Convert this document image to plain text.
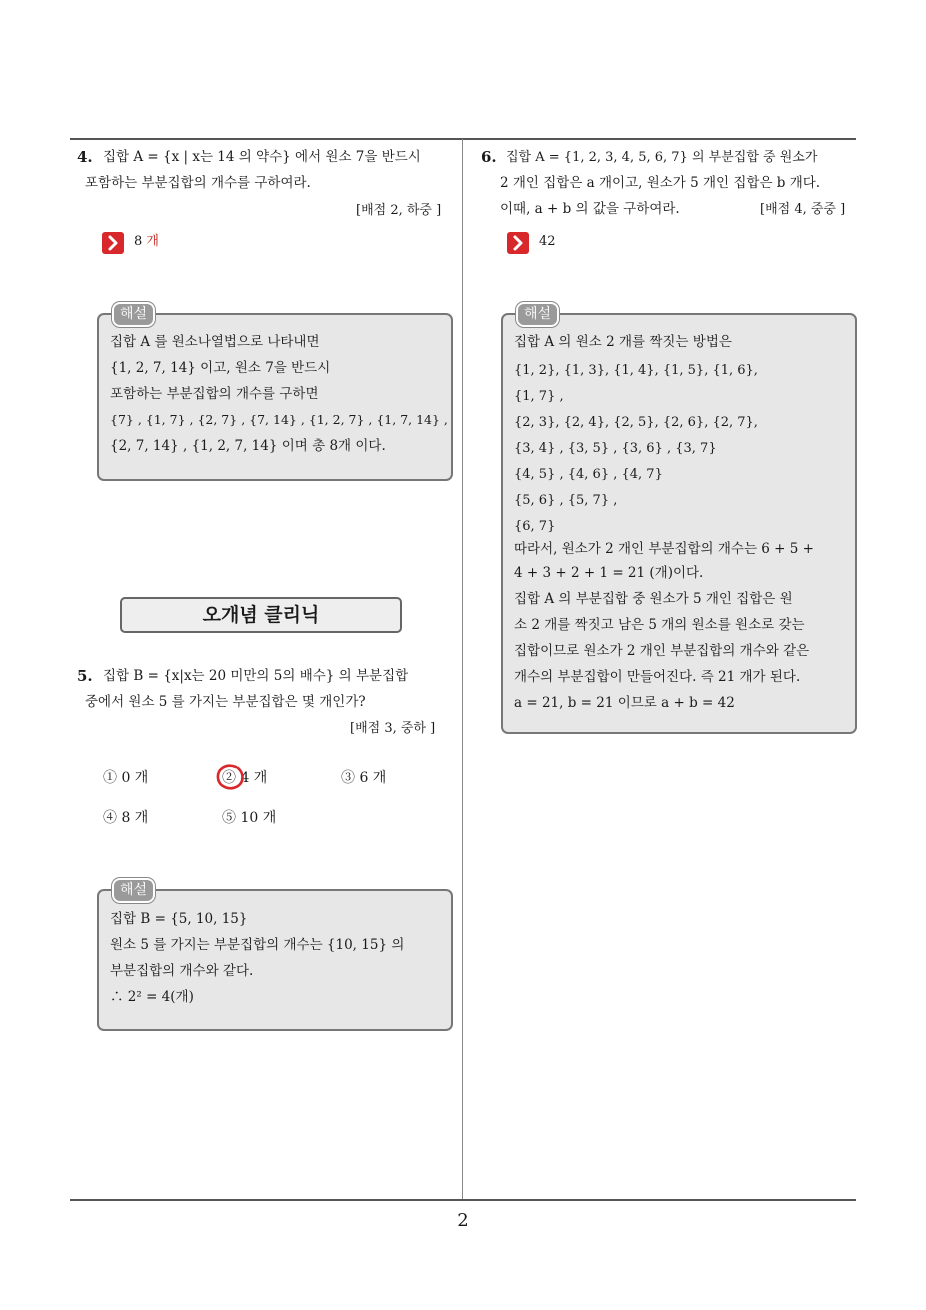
4. 집합 A = {x | x는 14 의 약수} 에서 원소 7을 반드시
포함하는 부분집합의 개수를 구하여라.
[배점 2, 하중 ]
8 개
해설
집합 A 를 원소나열법으로 나타내면
{1, 2, 7, 14} 이고, 원소 7을 반드시
포함하는 부분집합의 개수를 구하면
{7} , {1, 7} , {2, 7} , {7, 14} , {1, 2, 7} , {1, 7, 14} ,
{2, 7, 14} , {1, 2, 7, 14} 이며 총 8개 이다.
오개념 클리닉
5. 집합 B = {x|x는 20 미만의 5의 배수} 의 부분집합
중에서 원소 5 를 가지는 부분집합은 몇 개인가?
[배점 3, 중하 ]
① 0 개	② 4 개	③ 6 개
④ 8 개	⑤ 10 개
해설
집합 B = {5, 10, 15}
원소 5 를 가지는 부분집합의 개수는 {10, 15} 의
부분집합의 개수와 같다.
∴ 2² = 4(개)
6. 집합 A = {1, 2, 3, 4, 5, 6, 7} 의 부분집합 중 원소가
2 개인 집합은 a 개이고, 원소가 5 개인 집합은 b 개다.
이때, a + b 의 값을 구하여라.	[배점 4, 중중 ]
42
해설
집합 A 의 원소 2 개를 짝짓는 방법은
{1, 2}, {1, 3}, {1, 4}, {1, 5}, {1, 6},
{1, 7} ,
{2, 3}, {2, 4}, {2, 5}, {2, 6}, {2, 7},
{3, 4} , {3, 5} , {3, 6} , {3, 7}
{4, 5} , {4, 6} , {4, 7}
{5, 6} , {5, 7} ,
{6, 7}
따라서, 원소가 2 개인 부분집합의 개수는 6 + 5 +
4 + 3 + 2 + 1 = 21 (개)이다.
집합 A 의 부분집합 중 원소가 5 개인 집합은 원
소 2 개를 짝짓고 남은 5 개의 원소를 원소로 갖는
집합이므로 원소가 2 개인 부분집합의 개수와 같은
개수의 부분집합이 만들어진다. 즉 21 개가 된다.
a = 21, b = 21 이므로 a + b = 42
2
